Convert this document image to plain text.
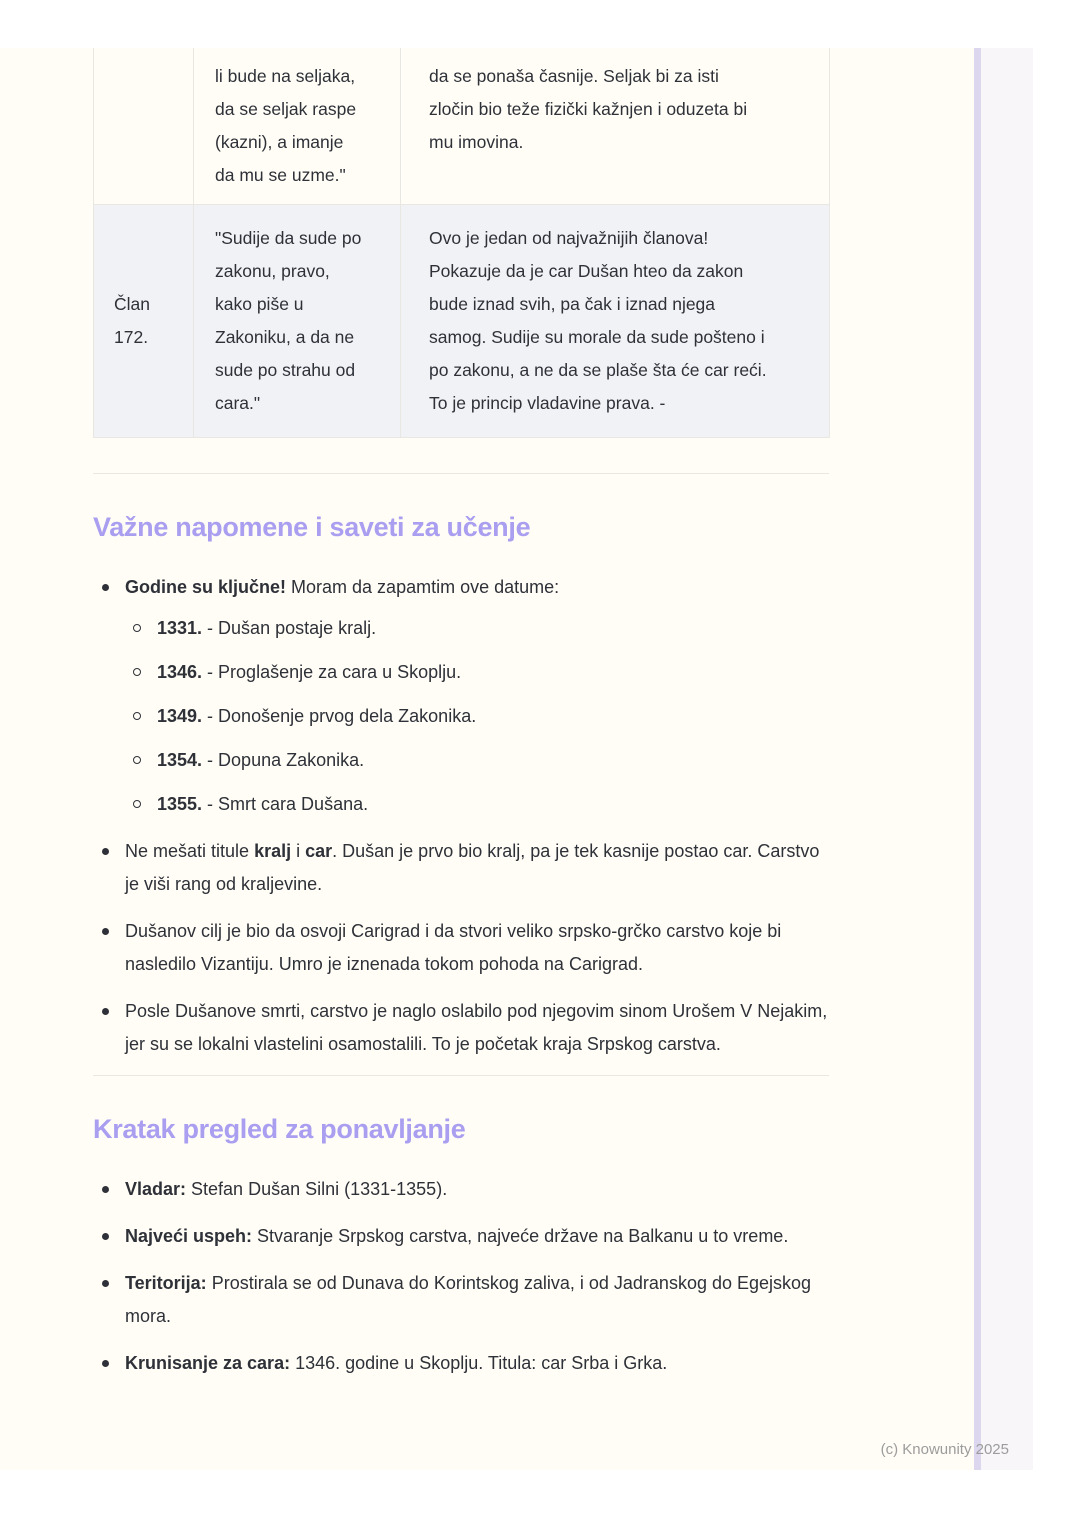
	li bude na seljaka,
da se seljak raspe
(kazni), a imanje
da mu se uzme."	da se ponaša časnije. Seljak bi za isti
zločin bio teže fizički kažnjen i oduzeta bi
mu imovina.
Član 172.	"Sudije da sude po
zakonu, pravo,
kako piše u
Zakoniku, a da ne
sude po strahu od
cara."	Ovo je jedan od najvažnijih članova!
Pokazuje da je car Dušan hteo da zakon
bude iznad svih, pa čak i iznad njega
samog. Sudije su morale da sude pošteno i
po zakonu, a ne da se plaše šta će car reći.
To je princip vladavine prava. -
Važne napomene i saveti za učenje
Godine su ključne! Moram da zapamtim ove datume:
1331. - Dušan postaje kralj.
1346. - Proglašenje za cara u Skoplju.
1349. - Donošenje prvog dela Zakonika.
1354. - Dopuna Zakonika.
1355. - Smrt cara Dušana.
Ne mešati titule kralj i car. Dušan je prvo bio kralj, pa je tek kasnije postao car. Carstvo je viši rang od kraljevine.
Dušanov cilj je bio da osvoji Carigrad i da stvori veliko srpsko-grčko carstvo koje bi nasledilo Vizantiju. Umro je iznenada tokom pohoda na Carigrad.
Posle Dušanove smrti, carstvo je naglo oslabilo pod njegovim sinom Urošem V Nejakim, jer su se lokalni vlastelini osamostalili. To je početak kraja Srpskog carstva.
Kratak pregled za ponavljanje
Vladar: Stefan Dušan Silni (1331-1355).
Najveći uspeh: Stvaranje Srpskog carstva, najveće države na Balkanu u to vreme.
Teritorija: Prostirala se od Dunava do Korintskog zaliva, i od Jadranskog do Egejskog mora.
Krunisanje za cara: 1346. godine u Skoplju. Titula: car Srba i Grka.
(c) Knowunity 2025
